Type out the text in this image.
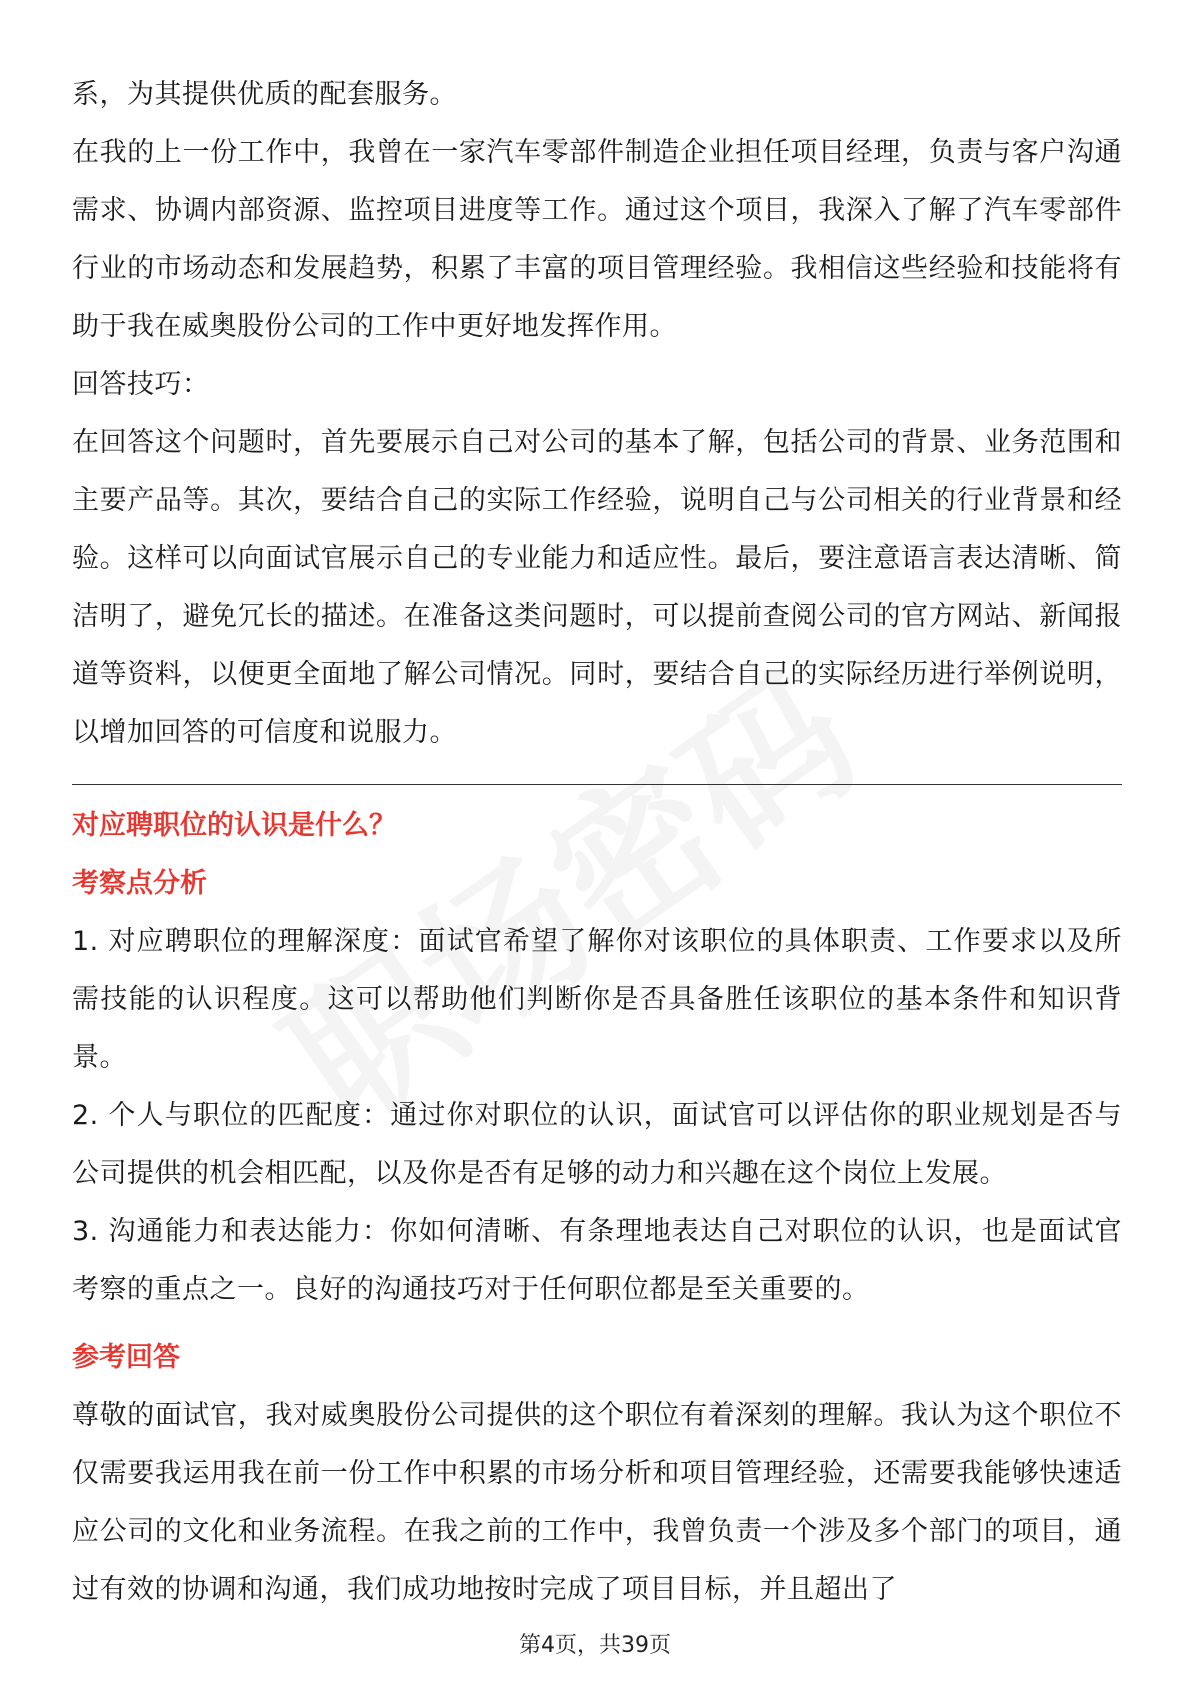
系，为其提供优质的配套服务。

在我的上一份工作中，我曾在一家汽车零部件制造企业担任项目经理，负责与客户沟通需求、协调内部资源、监控项目进度等工作。通过这个项目，我深入了解了汽车零部件行业的市场动态和发展趋势，积累了丰富的项目管理经验。我相信这些经验和技能将有助于我在威奥股份公司的工作中更好地发挥作用。

回答技巧：

在回答这个问题时，首先要展示自己对公司的基本了解，包括公司的背景、业务范围和主要产品等。其次，要结合自己的实际工作经验，说明自己与公司相关的行业背景和经验。这样可以向面试官展示自己的专业能力和适应性。最后，要注意语言表达清晰、简洁明了，避免冗长的描述。在准备这类问题时，可以提前查阅公司的官方网站、新闻报道等资料，以便更全面地了解公司情况。同时，要结合自己的实际经历进行举例说明，以增加回答的可信度和说服力。

对应聘职位的认识是什么？

考察点分析

1. 对应聘职位的理解深度：面试官希望了解你对该职位的具体职责、工作要求以及所需技能的认识程度。这可以帮助他们判断你是否具备胜任该职位的基本条件和知识背景。

2. 个人与职位的匹配度：通过你对职位的认识，面试官可以评估你的职业规划是否与公司提供的机会相匹配，以及你是否有足够的动力和兴趣在这个岗位上发展。

3. 沟通能力和表达能力：你如何清晰、有条理地表达自己对职位的认识，也是面试官考察的重点之一。良好的沟通技巧对于任何职位都是至关重要的。

参考回答

尊敬的面试官，我对威奥股份公司提供的这个职位有着深刻的理解。我认为这个职位不仅需要我运用我在前一份工作中积累的市场分析和项目管理经验，还需要我能够快速适应公司的文化和业务流程。在我之前的工作中，我曾负责一个涉及多个部门的项目，通过有效的协调和沟通，我们成功地按时完成了项目目标，并且超出了

第4页，共39页
